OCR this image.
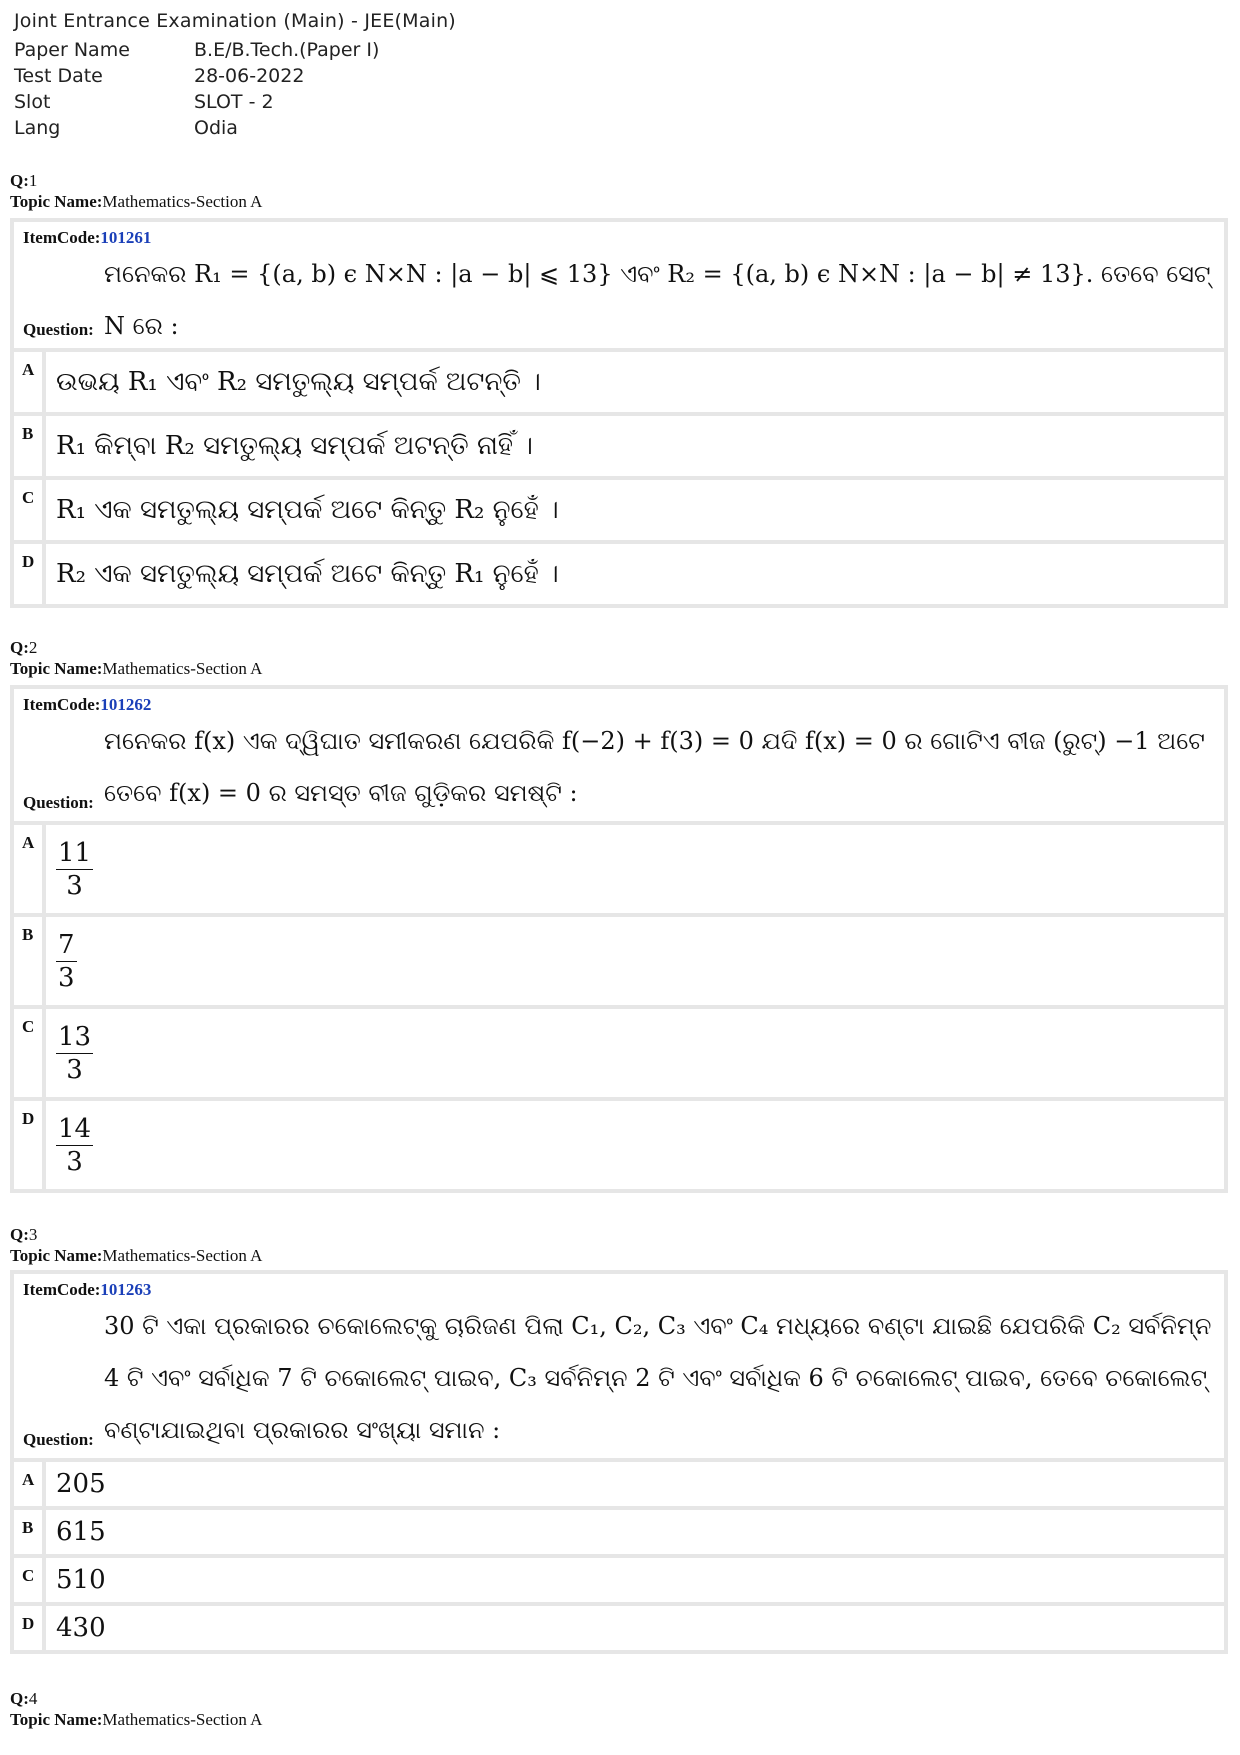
Joint Entrance Examination (Main) - JEE(Main)
Paper Name	B.E/B.Tech.(Paper I)
Test Date	28-06-2022
Slot	SLOT - 2
Lang	Odia
Q:1
Topic Name:Mathematics-Section A
ItemCode:101261
ମନେକର R₁ = {(a, b) ϵ N×N : |a − b| ⩽ 13} ଏବଂ R₂ = {(a, b) ϵ N×N : |a − b| ≠ 13}. ତେବେ ସେଟ୍ N ରେ :
Question:
A ଉଭୟ R₁ ଏବଂ R₂ ସମତୁଲ୍ୟ ସମ୍ପର୍କ ଅଟନ୍ତି ।
B R₁ କିମ୍ବା R₂ ସମତୁଲ୍ୟ ସମ୍ପର୍କ ଅଟନ୍ତି ନାହିଁ ।
C R₁ ଏକ ସମତୁଲ୍ୟ ସମ୍ପର୍କ ଅଟେ କିନ୍ତୁ R₂ ନୁହେଁ ।
D R₂ ଏକ ସମତୁଲ୍ୟ ସମ୍ପର୍କ ଅଟେ କିନ୍ତୁ R₁ ନୁହେଁ ।
Q:2
Topic Name:Mathematics-Section A
ItemCode:101262
ମନେକର f(x) ଏକ ଦ୍ୱିଘାତ ସମୀକରଣ ଯେପରିକି f(−2) + f(3) = 0 ଯଦି f(x) = 0 ର ଗୋଟିଏ ବୀଜ (ରୁଟ୍) −1 ଅଟେ ତେବେ f(x) = 0 ର ସମସ୍ତ ବୀଜ ଗୁଡ଼ିକର ସମଷ୍ଟି :
Question:
A $\frac{11}{3}$
B $\frac{7}{3}$
C $\frac{13}{3}$
D $\frac{14}{3}$
Q:3
Topic Name:Mathematics-Section A
ItemCode:101263
30 ଟି ଏକା ପ୍ରକାରର ଚକୋଲେଟ୍‌କୁ ଚାରିଜଣ ପିଲା C₁, C₂, C₃ ଏବଂ C₄ ମଧ୍ୟରେ ବଣ୍ଟା ଯାଇଛି ଯେପରିକି C₂ ସର୍ବନିମ୍ନ 4 ଟି ଏବଂ ସର୍ବାଧିକ 7 ଟି ଚକୋଲେଟ୍ ପାଇବ, C₃ ସର୍ବନିମ୍ନ 2 ଟି ଏବଂ ସର୍ବାଧିକ 6 ଟି ଚକୋଲେଟ୍ ପାଇବ, ତେବେ ଚକୋଲେଟ୍ ବଣ୍ଟାଯାଇଥିବା ପ୍ରକାରର ସଂଖ୍ୟା ସମାନ :
Question:
A 205
B 615
C 510
D 430
Q:4
Topic Name:Mathematics-Section A
